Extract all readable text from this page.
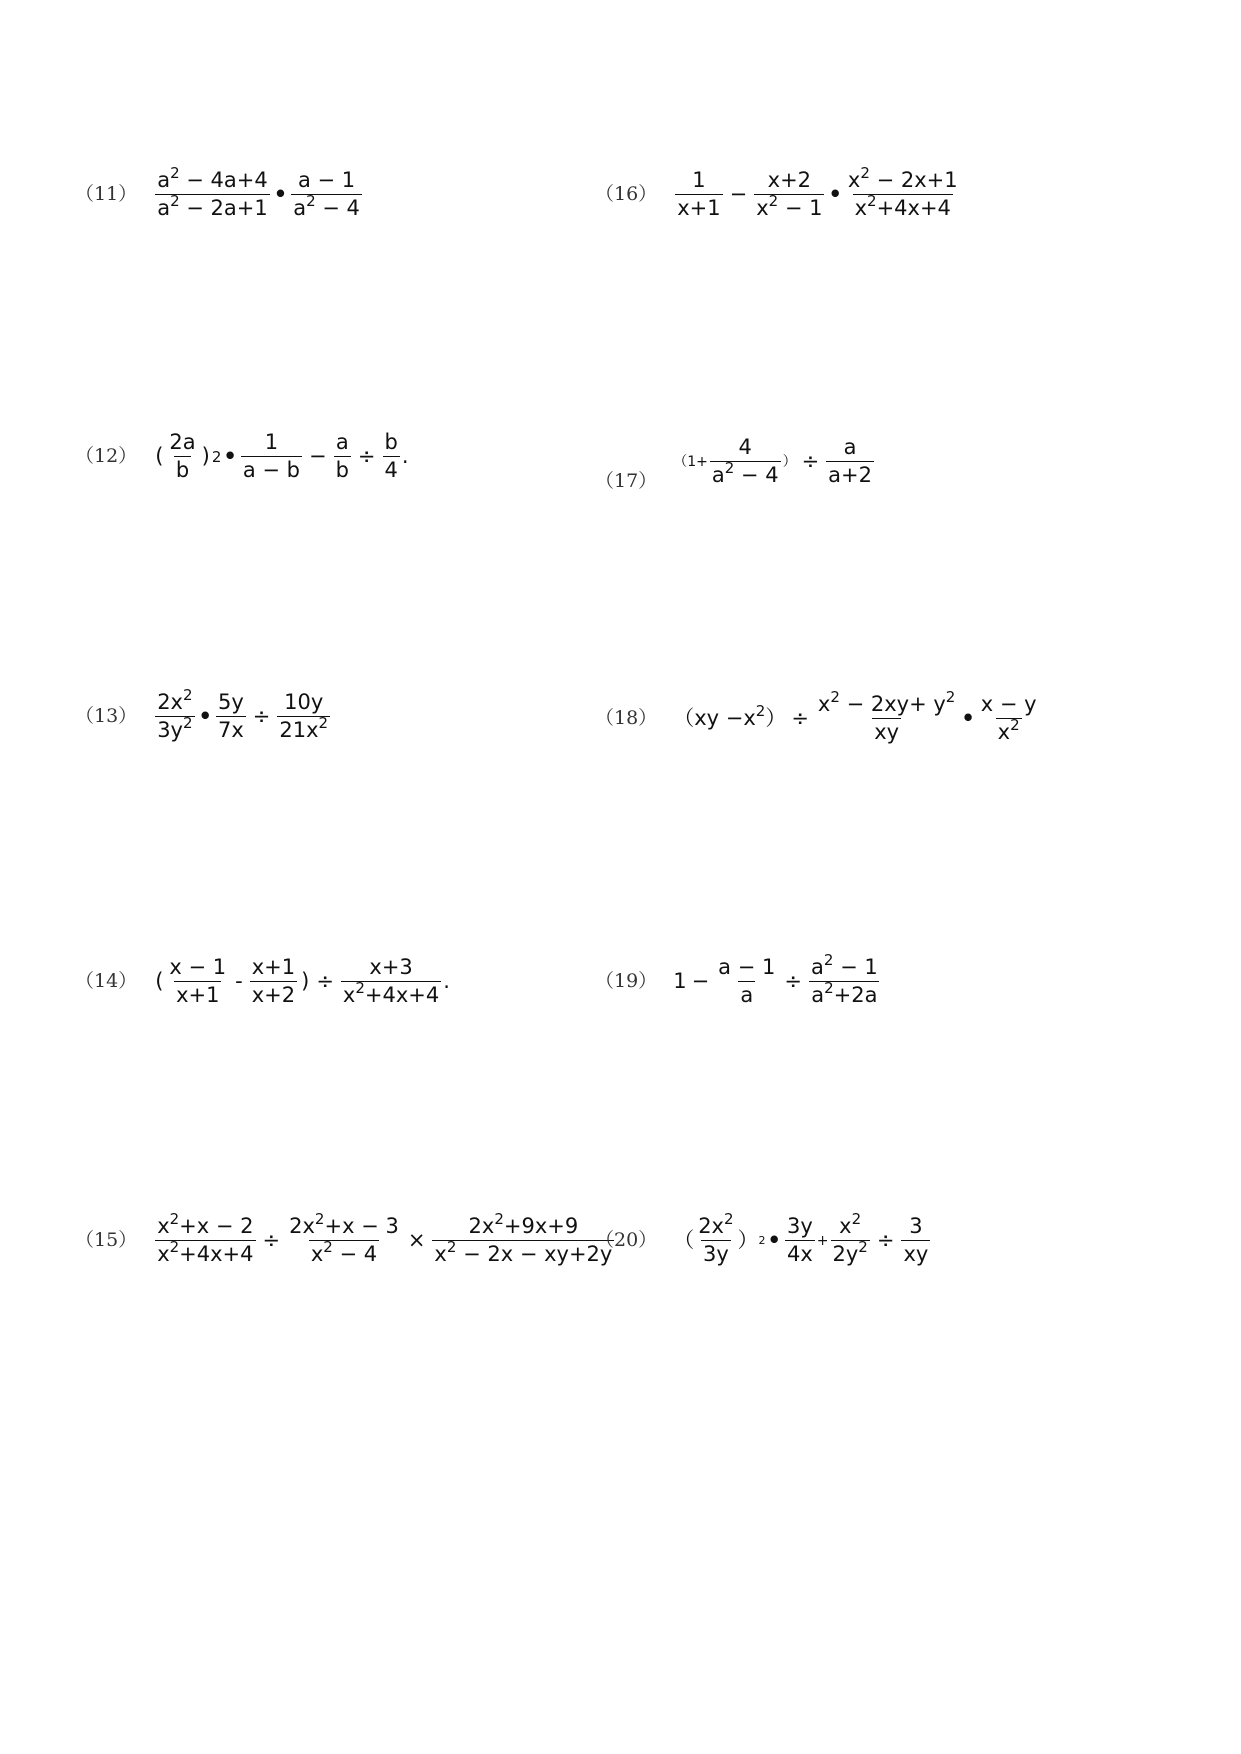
$(11) \frac{a^2 - 4a+4}{a^2 - 2a+1}$ • $\frac{a - 1}{a^2 - 4}$
（12） ( $\frac{2a}{b}$ ) 2 • $\frac{1}{a - b} - \frac{a}{b} \div \frac{b}{4}$ .
$(13) \frac{2x^2}{3y^2}$ • $\frac{5y}{7x} \div \frac{10y}{21x^2}$
（14） ( $\frac{x - 1}{x+1} - \frac{x+1}{x+2}$ ) ÷ $\frac{x+3}{x^2+4x+4}$ .
$(15) \frac{x^2+x - 2}{x^2+4x+4} \div \frac{2x^2+x - 3}{x^2 - 4} \times \frac{2x^2+9x+9}{x^2 - 2x - xy+2y}$
$(16) \frac{1}{x+1} - \frac{x+2}{x^2 - 1}$ • $\frac{x^2 - 2x+1}{x^2+4x+4}$
（17）
（ $1+ \frac{4}{a^2 - 4}$ ） ÷ $\frac{a}{a+2}$
（18） （ xy − $x^2$ ） ÷ $\frac{x^2 - 2xy+ y^2}{xy}$ • $\frac{x - y}{x^2}$
（19） $1 - \frac{a - 1}{a} \div \frac{a^2 - 1}{a^2+2a}$
（20） （ $\frac{2x^2}{3y}$ ） 2 • $\frac{3y}{4x} + \frac{x^2}{2y^2} \div \frac{3}{xy}$
